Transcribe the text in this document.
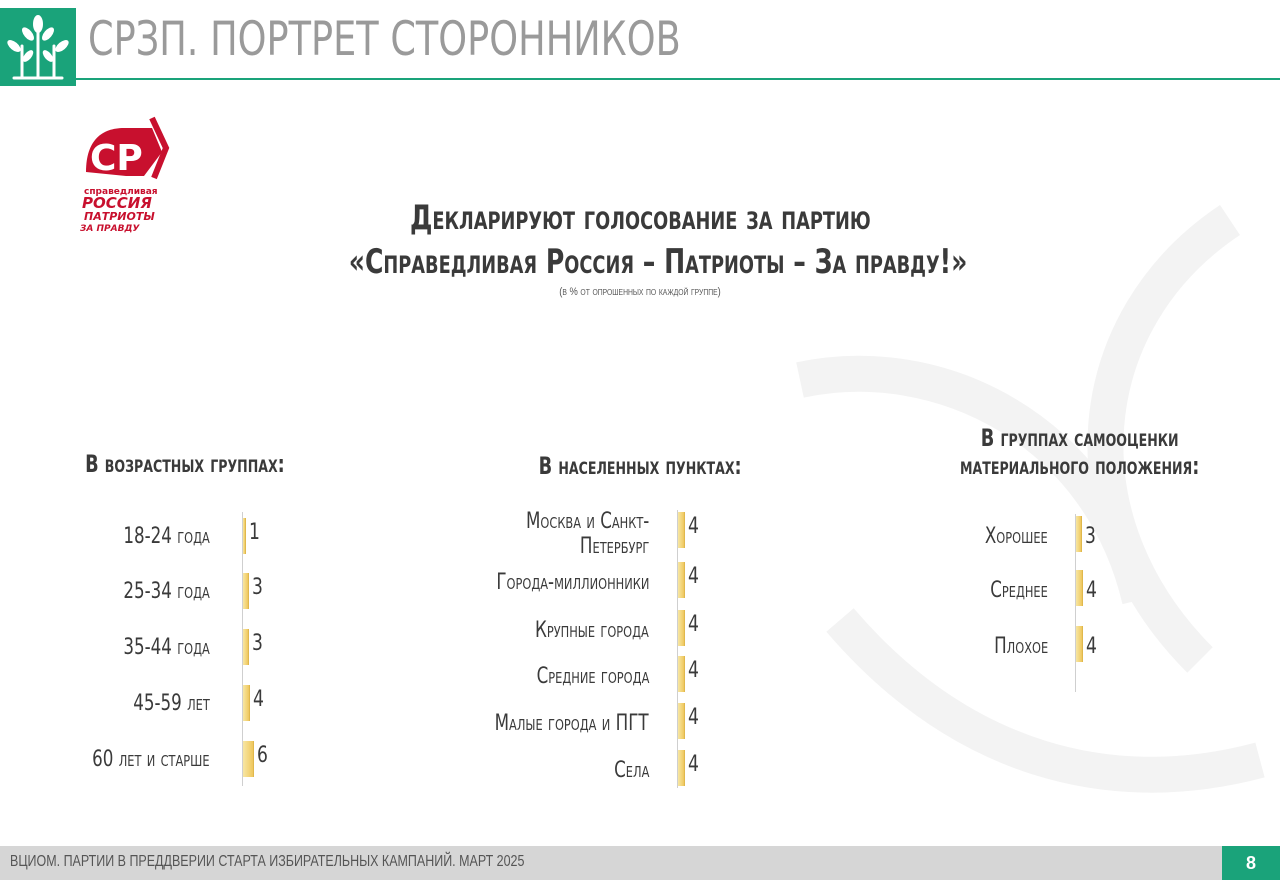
СРЗП. ПОРТРЕТ СТОРОННИКОВ
СР
справедливая
РОССИЯ
ПАТРИОТЫ
ЗА ПРАВДУ	Декларируют голосование за партию
«Справедливая Россия – Патриоты – За правду!»
(в % от опрошенных по каждой группе)
В возрастных группах:	В населенных пунктах:
В группах самооценки
материального положения:
18-24 года 1
25-34 года 3
35-44 года 3
45-59 лет 4
60 лет и старше 6
Москва и Санкт-
Петербург
4
Города-миллионники 4
Крупные города 4
Средние города 4
Малые города и ПГТ 4
Села 4
Хорошее 3
Среднее 4
Плохое 4
ВЦИОМ. ПАРТИИ В ПРЕДДВЕРИИ СТАРТА ИЗБИРАТЕЛЬНЫХ КАМПАНИЙ. МАРТ 2025	8
